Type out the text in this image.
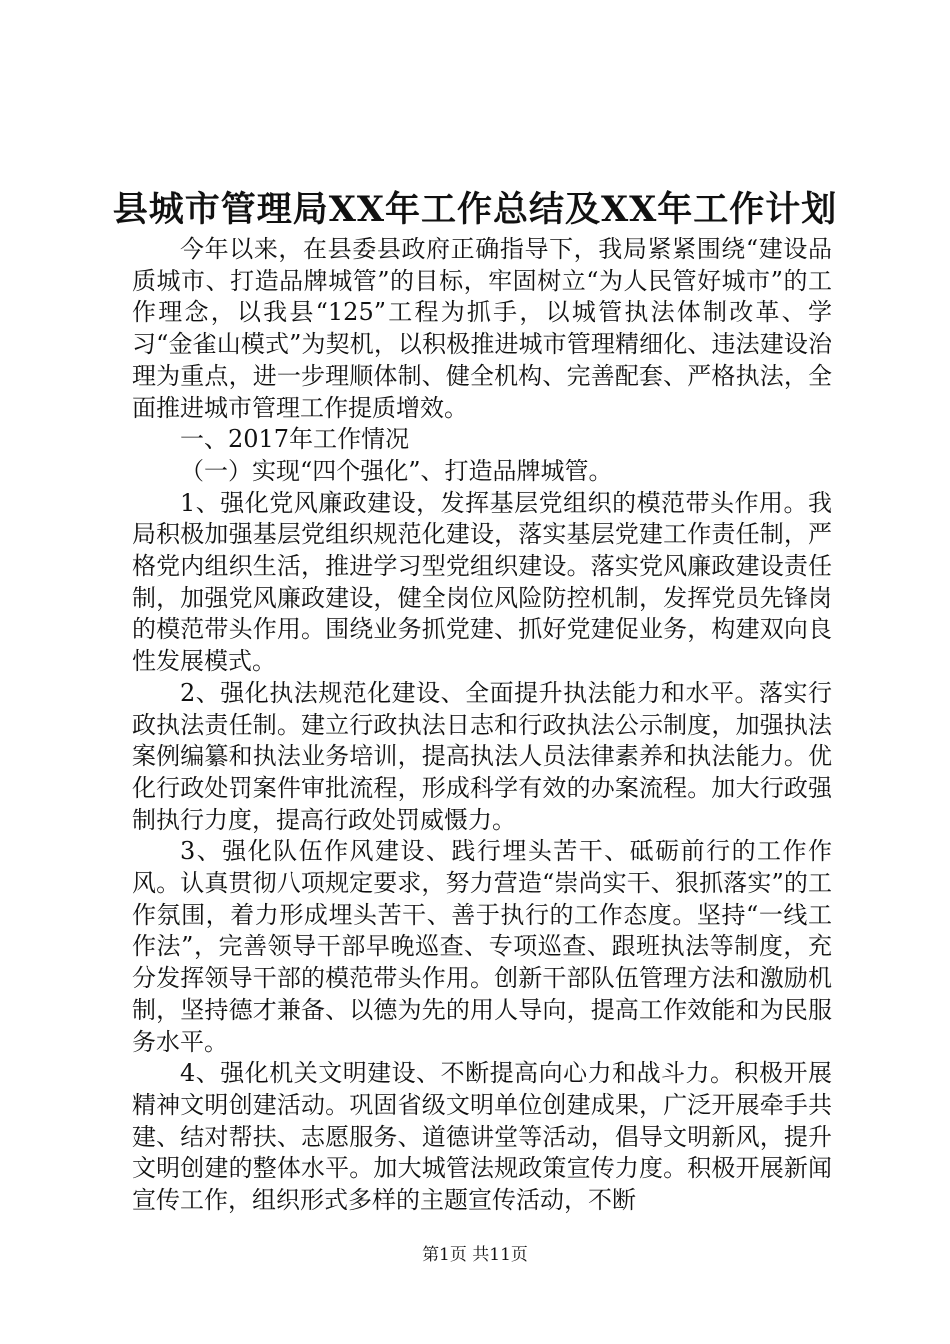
县城市管理局XX年工作总结及XX年工作计划

今年以来，在县委县政府正确指导下，我局紧紧围绕“建设品质城市、打造品牌城管”的目标，牢固树立“为人民管好城市”的工作理念，以我县“125”工程为抓手，以城管执法体制改革、学习“金雀山模式”为契机，以积极推进城市管理精细化、违法建设治理为重点，进一步理顺体制、健全机构、完善配套、严格执法，全面推进城市管理工作提质增效。

一、2017年工作情况

（一）实现“四个强化”、打造品牌城管。

1、强化党风廉政建设，发挥基层党组织的模范带头作用。我局积极加强基层党组织规范化建设，落实基层党建工作责任制，严格党内组织生活，推进学习型党组织建设。落实党风廉政建设责任制，加强党风廉政建设，健全岗位风险防控机制，发挥党员先锋岗的模范带头作用。围绕业务抓党建、抓好党建促业务，构建双向良性发展模式。

2、强化执法规范化建设、全面提升执法能力和水平。落实行政执法责任制。建立行政执法日志和行政执法公示制度，加强执法案例编纂和执法业务培训，提高执法人员法律素养和执法能力。优化行政处罚案件审批流程，形成科学有效的办案流程。加大行政强制执行力度，提高行政处罚威慑力。

3、强化队伍作风建设、践行埋头苦干、砥砺前行的工作作风。认真贯彻八项规定要求，努力营造“崇尚实干、狠抓落实”的工作氛围，着力形成埋头苦干、善于执行的工作态度。坚持“一线工作法”，完善领导干部早晚巡查、专项巡查、跟班执法等制度，充分发挥领导干部的模范带头作用。创新干部队伍管理方法和激励机制，坚持德才兼备、以德为先的用人导向，提高工作效能和为民服务水平。

4、强化机关文明建设、不断提高向心力和战斗力。积极开展精神文明创建活动。巩固省级文明单位创建成果，广泛开展牵手共建、结对帮扶、志愿服务、道德讲堂等活动，倡导文明新风，提升文明创建的整体水平。加大城管法规政策宣传力度。积极开展新闻宣传工作，组织形式多样的主题宣传活动，不断

第1页 共11页
